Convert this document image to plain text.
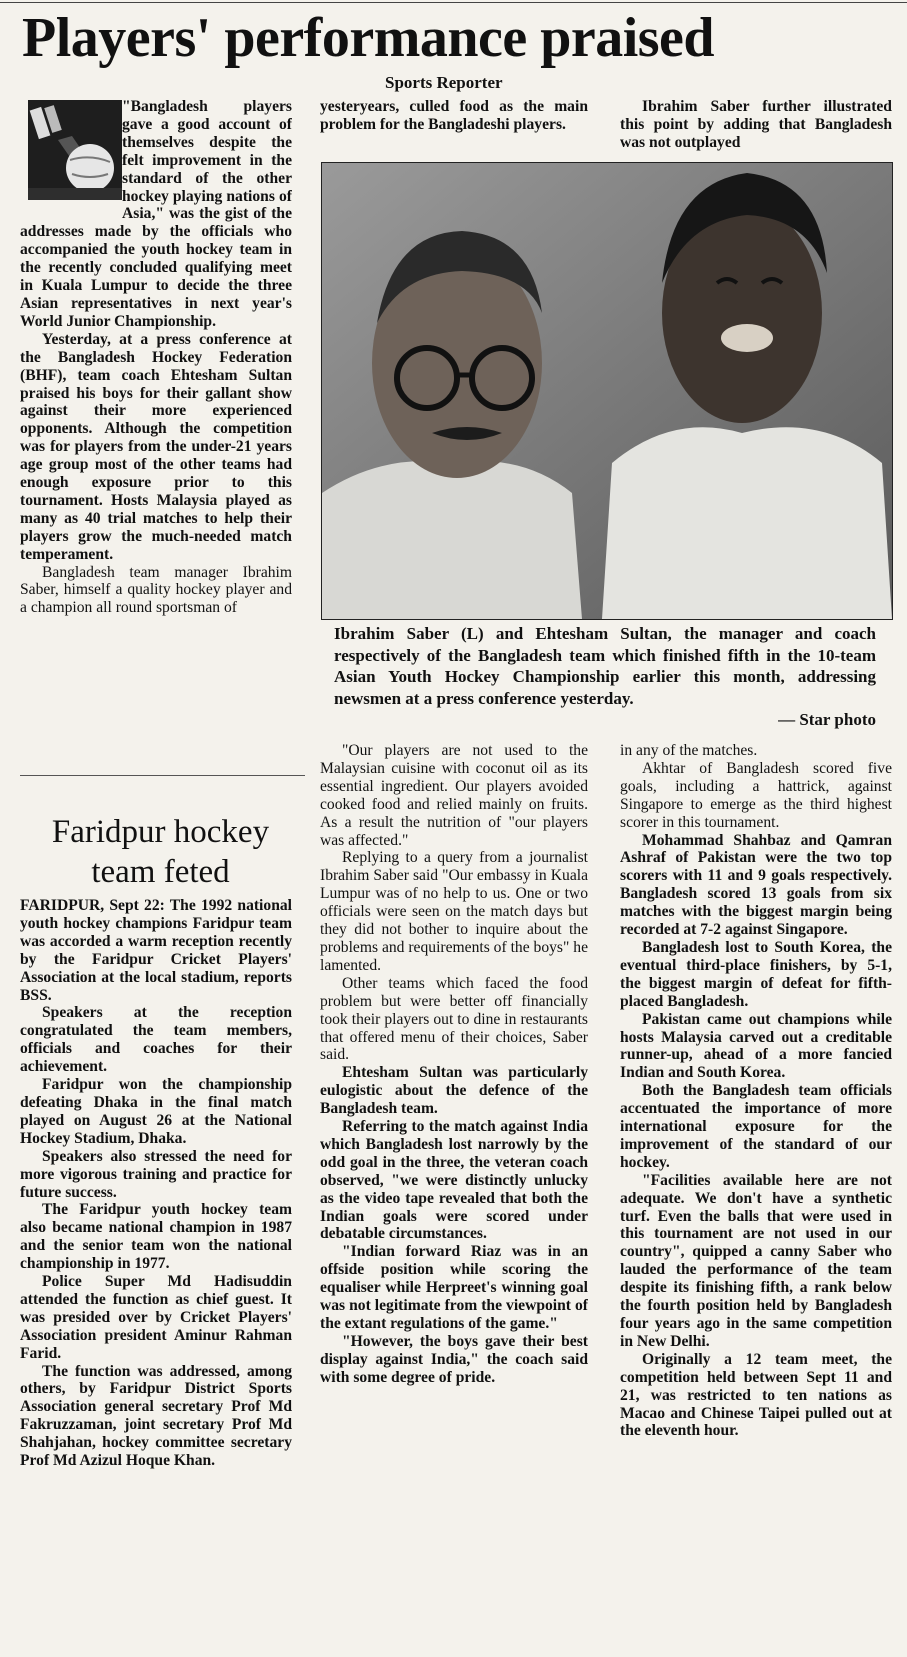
Players' performance praised
Sports Reporter

"Bangladesh players gave a good account of themselves despite the felt improvement in the standard of the other hockey playing nations of Asia," was the gist of the addresses made by the officials who accompanied the youth hockey team in the recently concluded qualifying meet in Kuala Lumpur to decide the three Asian representatives in next year's World Junior Championship.

Yesterday, at a press conference at the Bangladesh Hockey Federation (BHF), team coach Ehtesham Sultan praised his boys for their gallant show against their more experienced opponents. Although the competition was for players from the under-21 years age group most of the other teams had enough exposure prior to this tournament. Hosts Malaysia played as many as 40 trial matches to help their players grow the much-needed match temperament.

Bangladesh team manager Ibrahim Saber, himself a quality hockey player and a champion all round sportsman of

yesteryears, culled food as the main problem for the Bangladeshi players.

Ibrahim Saber further illustrated this point by adding that Bangladesh was not outplayed

Ibrahim Saber (L) and Ehtesham Sultan, the manager and coach respectively of the Bangladesh team which finished fifth in the 10-team Asian Youth Hockey Championship earlier this month, addressing newsmen at a press conference yesterday.
— Star photo
Faridpur hockey team feted

FARIDPUR, Sept 22: The 1992 national youth hockey champions Faridpur team was accorded a warm reception recently by the Faridpur Cricket Players' Association at the local stadium, reports BSS.

Speakers at the reception congratulated the team members, officials and coaches for their achievement.

Faridpur won the championship defeating Dhaka in the final match played on August 26 at the National Hockey Stadium, Dhaka.

Speakers also stressed the need for more vigorous training and practice for future success.

The Faridpur youth hockey team also became national champion in 1987 and the senior team won the national championship in 1977.

Police Super Md Hadisuddin attended the function as chief guest. It was presided over by Cricket Players' Association president Aminur Rahman Farid.

The function was addressed, among others, by Faridpur District Sports Association general secretary Prof Md Fakruzzaman, joint secretary Prof Md Shahjahan, hockey committee secretary Prof Md Azizul Hoque Khan.

"Our players are not used to the Malaysian cuisine with coconut oil as its essential ingredient. Our players avoided cooked food and relied mainly on fruits. As a result the nutrition of "our players was affected."

Replying to a query from a journalist Ibrahim Saber said "Our embassy in Kuala Lumpur was of no help to us. One or two officials were seen on the match days but they did not bother to inquire about the problems and requirements of the boys" he lamented.

Other teams which faced the food problem but were better off financially took their players out to dine in restaurants that offered menu of their choices, Saber said.

Ehtesham Sultan was particularly eulogistic about the defence of the Bangladesh team.

Referring to the match against India which Bangladesh lost narrowly by the odd goal in the three, the veteran coach observed, "we were distinctly unlucky as the video tape revealed that both the Indian goals were scored under debatable circumstances.

"Indian forward Riaz was in an offside position while scoring the equaliser while Herpreet's winning goal was not legitimate from the viewpoint of the extant regulations of the game."

"However, the boys gave their best display against India," the coach said with some degree of pride.

in any of the matches.

Akhtar of Bangladesh scored five goals, including a hattrick, against Singapore to emerge as the third highest scorer in this tournament.

Mohammad Shahbaz and Qamran Ashraf of Pakistan were the two top scorers with 11 and 9 goals respectively. Bangladesh scored 13 goals from six matches with the biggest margin being recorded at 7-2 against Singapore.

Bangladesh lost to South Korea, the eventual third-place finishers, by 5-1, the biggest margin of defeat for fifth-placed Bangladesh.

Pakistan came out champions while hosts Malaysia carved out a creditable runner-up, ahead of a more fancied Indian and South Korea.

Both the Bangladesh team officials accentuated the importance of more international exposure for the improvement of the standard of our hockey.

"Facilities available here are not adequate. We don't have a synthetic turf. Even the balls that were used in this tournament are not used in our country", quipped a canny Saber who lauded the performance of the team despite its finishing fifth, a rank below the fourth position held by Bangladesh four years ago in the same competition in New Delhi.

Originally a 12 team meet, the competition held between Sept 11 and 21, was restricted to ten nations as Macao and Chinese Taipei pulled out at the eleventh hour.
